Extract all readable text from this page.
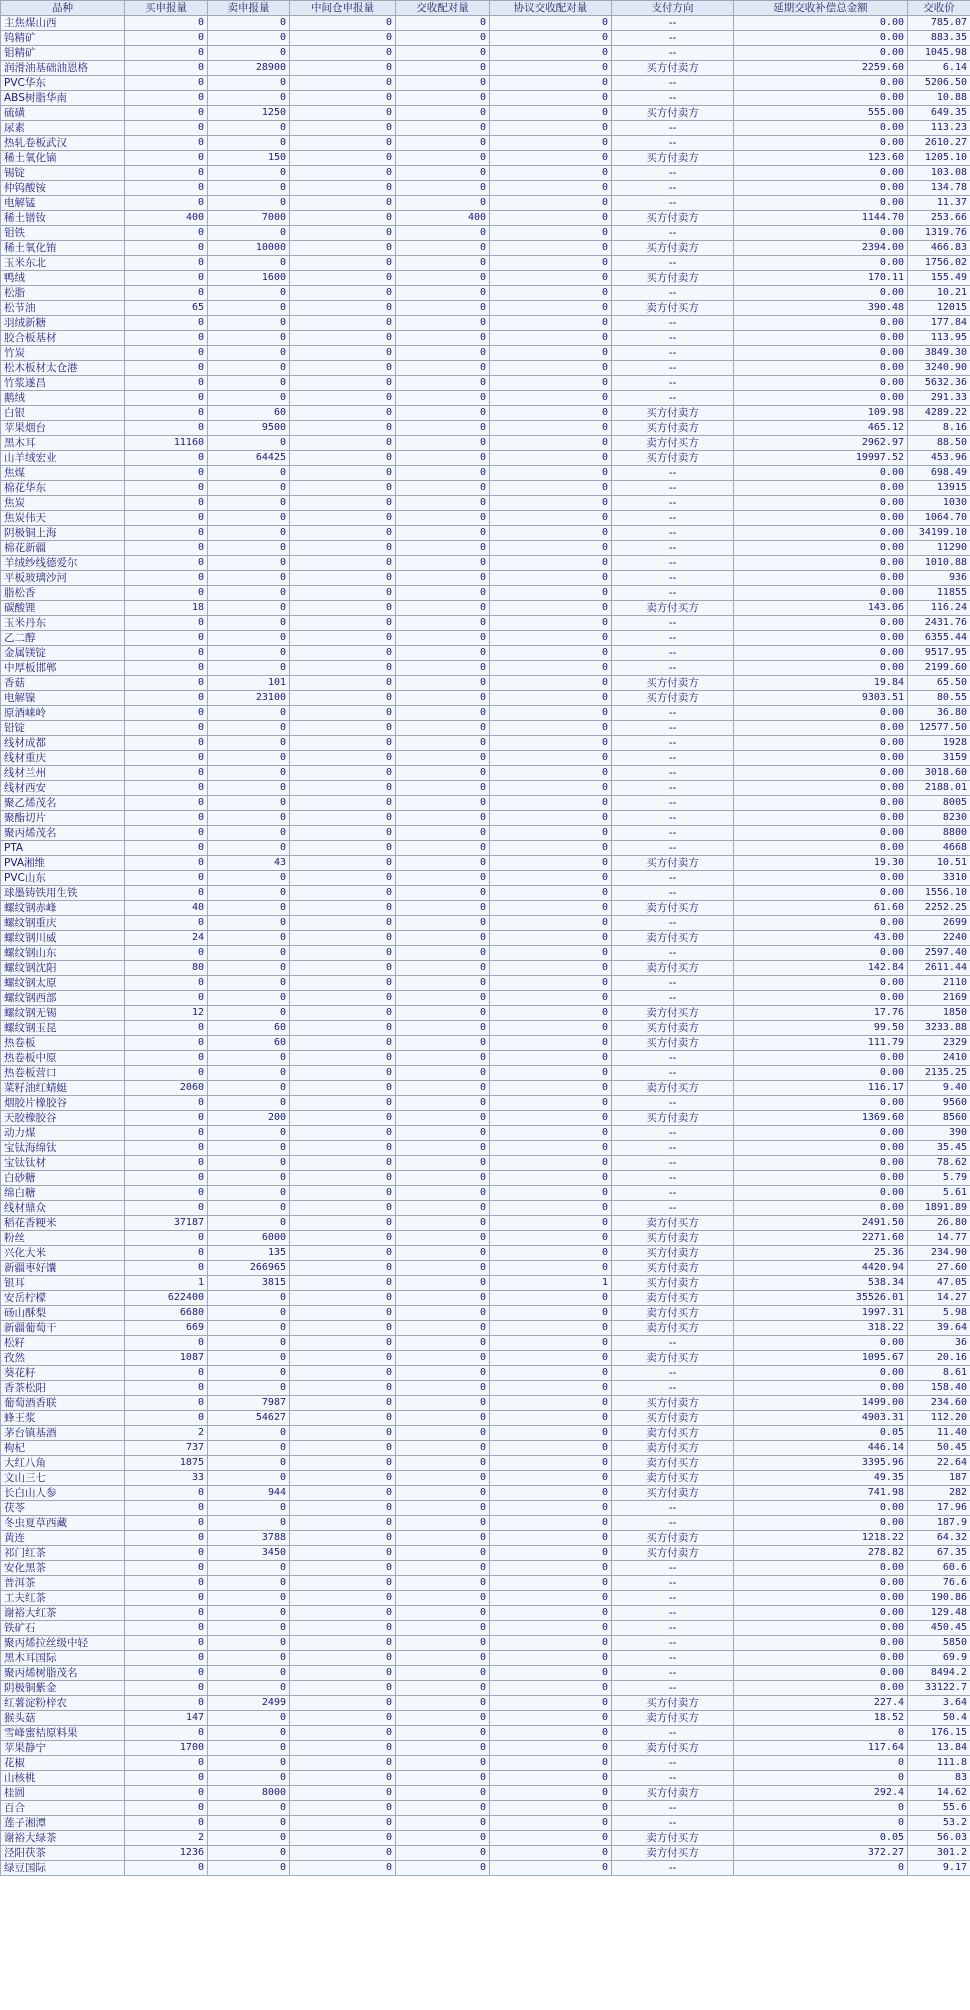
品种	买申报量	卖申报量	中间仓申报量	交收配对量	协议交收配对量	支付方向	延期交收补偿总金额	交收价
主焦煤山西	0	0	0	0	0	--	0.00	785.07
钨精矿	0	0	0	0	0	--	0.00	883.35
钼精矿	0	0	0	0	0	--	0.00	1045.98
润滑油基础油恩格	0	28900	0	0	0	买方付卖方	2259.60	6.14
PVC华东	0	0	0	0	0	--	0.00	5206.50
ABS树脂华南	0	0	0	0	0	--	0.00	10.88
硫磺	0	1250	0	0	0	买方付卖方	555.00	649.35
尿素	0	0	0	0	0	--	0.00	113.23
热轧卷板武汉	0	0	0	0	0	--	0.00	2610.27
稀土氧化镝	0	150	0	0	0	买方付卖方	123.60	1205.10
锡锭	0	0	0	0	0	--	0.00	103.08
仲钨酸铵	0	0	0	0	0	--	0.00	134.78
电解锰	0	0	0	0	0	--	0.00	11.37
稀土镨钕	400	7000	0	400	0	买方付卖方	1144.70	253.66
钼铁	0	0	0	0	0	--	0.00	1319.76
稀土氧化铕	0	10000	0	0	0	买方付卖方	2394.00	466.83
玉米东北	0	0	0	0	0	--	0.00	1756.02
鸭绒	0	1600	0	0	0	买方付卖方	170.11	155.49
松脂	0	0	0	0	0	--	0.00	10.21
松节油	65	0	0	0	0	卖方付买方	390.48	12015
羽绒新糖	0	0	0	0	0	--	0.00	177.84
胶合板基材	0	0	0	0	0	--	0.00	113.95
竹炭	0	0	0	0	0	--	0.00	3849.30
松木板材太仓港	0	0	0	0	0	--	0.00	3240.90
竹浆遂昌	0	0	0	0	0	--	0.00	5632.36
鹅绒	0	0	0	0	0	--	0.00	291.33
白银	0	60	0	0	0	买方付卖方	109.98	4289.22
苹果烟台	0	9500	0	0	0	买方付卖方	465.12	8.16
黑木耳	11160	0	0	0	0	卖方付买方	2962.97	88.50
山羊绒宏业	0	64425	0	0	0	买方付卖方	19997.52	453.96
焦煤	0	0	0	0	0	--	0.00	698.49
棉花华东	0	0	0	0	0	--	0.00	13915
焦炭	0	0	0	0	0	--	0.00	1030
焦炭伟天	0	0	0	0	0	--	0.00	1064.70
阴极铜上海	0	0	0	0	0	--	0.00	34199.10
棉花新疆	0	0	0	0	0	--	0.00	11290
羊绒纱线德爱尔	0	0	0	0	0	--	0.00	1010.88
平板玻璃沙河	0	0	0	0	0	--	0.00	936
脂松香	0	0	0	0	0	--	0.00	11855
碳酸锂	18	0	0	0	0	卖方付买方	143.06	116.24
玉米丹东	0	0	0	0	0	--	0.00	2431.76
乙二醇	0	0	0	0	0	--	0.00	6355.44
金属镁锭	0	0	0	0	0	--	0.00	9517.95
中厚板邯郸	0	0	0	0	0	--	0.00	2199.60
香菇	0	101	0	0	0	买方付卖方	19.84	65.50
电解镍	0	23100	0	0	0	买方付卖方	9303.51	80.55
原酒崃岭	0	0	0	0	0	--	0.00	36.80
铅锭	0	0	0	0	0	--	0.00	12577.50
线材成都	0	0	0	0	0	--	0.00	1928
线材重庆	0	0	0	0	0	--	0.00	3159
线材兰州	0	0	0	0	0	--	0.00	3018.60
线材西安	0	0	0	0	0	--	0.00	2188.01
聚乙烯茂名	0	0	0	0	0	--	0.00	8005
聚酯切片	0	0	0	0	0	--	0.00	8230
聚丙烯茂名	0	0	0	0	0	--	0.00	8800
PTA	0	0	0	0	0	--	0.00	4668
PVA湘维	0	43	0	0	0	买方付卖方	19.30	10.51
PVC山东	0	0	0	0	0	--	0.00	3310
球墨铸铁用生铁	0	0	0	0	0	--	0.00	1556.10
螺纹钢赤峰	40	0	0	0	0	卖方付买方	61.60	2252.25
螺纹钢重庆	0	0	0	0	0	--	0.00	2699
螺纹钢川威	24	0	0	0	0	卖方付买方	43.00	2240
螺纹钢山东	0	0	0	0	0	--	0.00	2597.40
螺纹钢沈阳	80	0	0	0	0	卖方付买方	142.84	2611.44
螺纹钢太原	0	0	0	0	0	--	0.00	2110
螺纹钢西部	0	0	0	0	0	--	0.00	2169
螺纹钢无锡	12	0	0	0	0	卖方付买方	17.76	1850
螺纹钢玉昆	0	60	0	0	0	买方付卖方	99.50	3233.88
热卷板	0	60	0	0	0	买方付卖方	111.79	2329
热卷板中原	0	0	0	0	0	--	0.00	2410
热卷板营口	0	0	0	0	0	--	0.00	2135.25
菜籽油红蜻蜓	2060	0	0	0	0	卖方付买方	116.17	9.40
烟胶片橡胶谷	0	0	0	0	0	--	0.00	9560
天胶橡胶谷	0	200	0	0	0	买方付卖方	1369.60	8560
动力煤	0	0	0	0	0	--	0.00	390
宝钛海绵钛	0	0	0	0	0	--	0.00	35.45
宝钛钛材	0	0	0	0	0	--	0.00	78.62
白砂糖	0	0	0	0	0	--	0.00	5.79
绵白糖	0	0	0	0	0	--	0.00	5.61
线材鼎众	0	0	0	0	0	--	0.00	1891.89
稻花香粳米	37187	0	0	0	0	卖方付买方	2491.50	26.80
粉丝	0	6000	0	0	0	买方付卖方	2271.60	14.77
兴化大米	0	135	0	0	0	买方付卖方	25.36	234.90
新疆枣好馕	0	266965	0	0	0	买方付卖方	4420.94	27.60
银耳	1	3815	0	0	1	买方付卖方	538.34	47.05
安岳柠檬	622400	0	0	0	0	卖方付买方	35526.01	14.27
砀山酥梨	6680	0	0	0	0	卖方付买方	1997.31	5.98
新疆葡萄干	669	0	0	0	0	卖方付买方	318.22	39.64
松籽	0	0	0	0	0	--	0.00	36
孜然	1087	0	0	0	0	卖方付买方	1095.67	20.16
葵花籽	0	0	0	0	0	--	0.00	8.61
香茶松阳	0	0	0	0	0	--	0.00	158.40
葡萄酒香联	0	7987	0	0	0	买方付卖方	1499.00	234.60
蜂王浆	0	54627	0	0	0	买方付卖方	4903.31	112.20
茅台镇基酒	2	0	0	0	0	卖方付买方	0.05	11.40
枸杞	737	0	0	0	0	卖方付买方	446.14	50.45
大红八角	1875	0	0	0	0	卖方付买方	3395.96	22.64
文山三七	33	0	0	0	0	卖方付买方	49.35	187
长白山人参	0	944	0	0	0	买方付卖方	741.98	282
茯苓	0	0	0	0	0	--	0.00	17.96
冬虫夏草西藏	0	0	0	0	0	--	0.00	187.9
黄连	0	3788	0	0	0	买方付卖方	1218.22	64.32
祁门红茶	0	3450	0	0	0	买方付卖方	278.82	67.35
安化黑茶	0	0	0	0	0	--	0.00	60.6
普洱茶	0	0	0	0	0	--	0.00	76.6
工夫红茶	0	0	0	0	0	--	0.00	190.86
谢裕大红茶	0	0	0	0	0	--	0.00	129.48
铁矿石	0	0	0	0	0	--	0.00	450.45
聚丙烯拉丝级中轻	0	0	0	0	0	--	0.00	5850
黑木耳国际	0	0	0	0	0	--	0.00	69.9
聚丙烯树脂茂名	0	0	0	0	0	--	0.00	8494.2
阴极铜紫金	0	0	0	0	0	--	0.00	33122.7
红薯淀粉梓农	0	2499	0	0	0	买方付卖方	227.4	3.64
猴头菇	147	0	0	0	0	卖方付买方	18.52	50.4
雪峰蜜桔原料果	0	0	0	0	0	--	0	176.15
苹果静宁	1700	0	0	0	0	卖方付买方	117.64	13.84
花椒	0	0	0	0	0	--	0	111.8
山核桃	0	0	0	0	0	--	0	83
桂圆	0	8000	0	0	0	买方付卖方	292.4	14.62
百合	0	0	0	0	0	--	0	55.6
莲子湘潭	0	0	0	0	0	--	0	53.2
谢裕大绿茶	2	0	0	0	0	卖方付买方	0.05	56.03
泾阳茯茶	1236	0	0	0	0	卖方付买方	372.27	301.2
绿豆国际	0	0	0	0	0	--	0	9.17
